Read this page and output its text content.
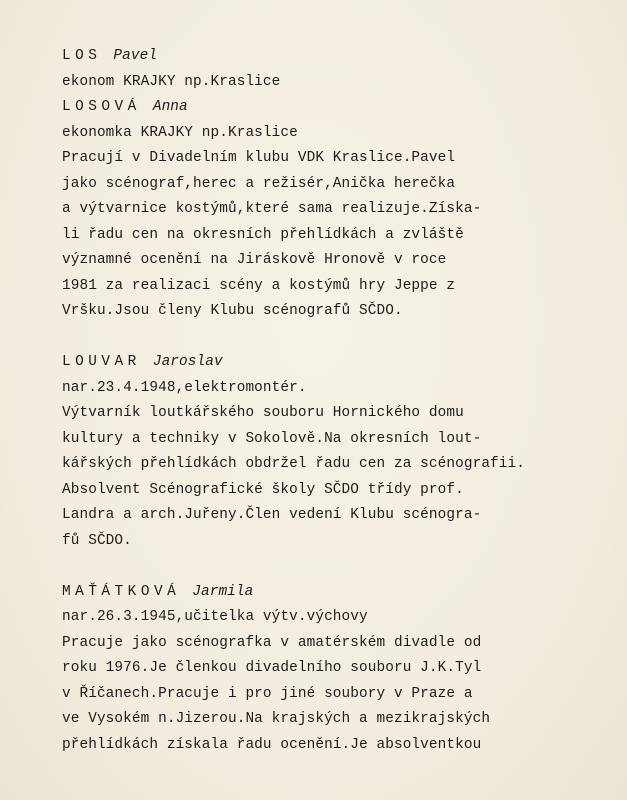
LOS Pavel
ekonom KRAJKY np.Kraslice
LOSOVÁ Anna
ekonomka KRAJKY np.Kraslice
Pracují v Divadelním klubu VDK Kraslice.Pavel
jako scénograf,herec a režisér,Anička herečka
a výtvarnice kostýmů,které sama realizuje.Získa-
li řadu cen na okresních přehlídkách a zvláště
významné ocenění na Jiráskově Hronově v roce
1981 za realizaci scény a kostýmů hry Jeppe z
Vršku.Jsou členy Klubu scénografů SČDO.
LOUVAR Jaroslav
nar.23.4.1948,elektromontér.
Výtvarník loutkářského souboru Hornického domu
kultury a techniky v Sokolově.Na okresních lout-
kářských přehlídkách obdržel řadu cen za scénografii.
Absolvent Scénografické školy SČDO třídy prof.
Landra a arch.Juřeny.Člen vedení Klubu scénogra-
fů SČDO.
MAŤÁTKOVÁ Jarmila
nar.26.3.1945,učitelka výtv.výchovy
Pracuje jako scénografka v amatérském divadle od
roku 1976.Je členkou divadelního souboru J.K.Tyl
v Říčanech.Pracuje i pro jiné soubory v Praze a
ve Vysokém n.Jizerou.Na krajských a mezikrajských
přehlídkách získala řadu ocenění.Je absolventkou
